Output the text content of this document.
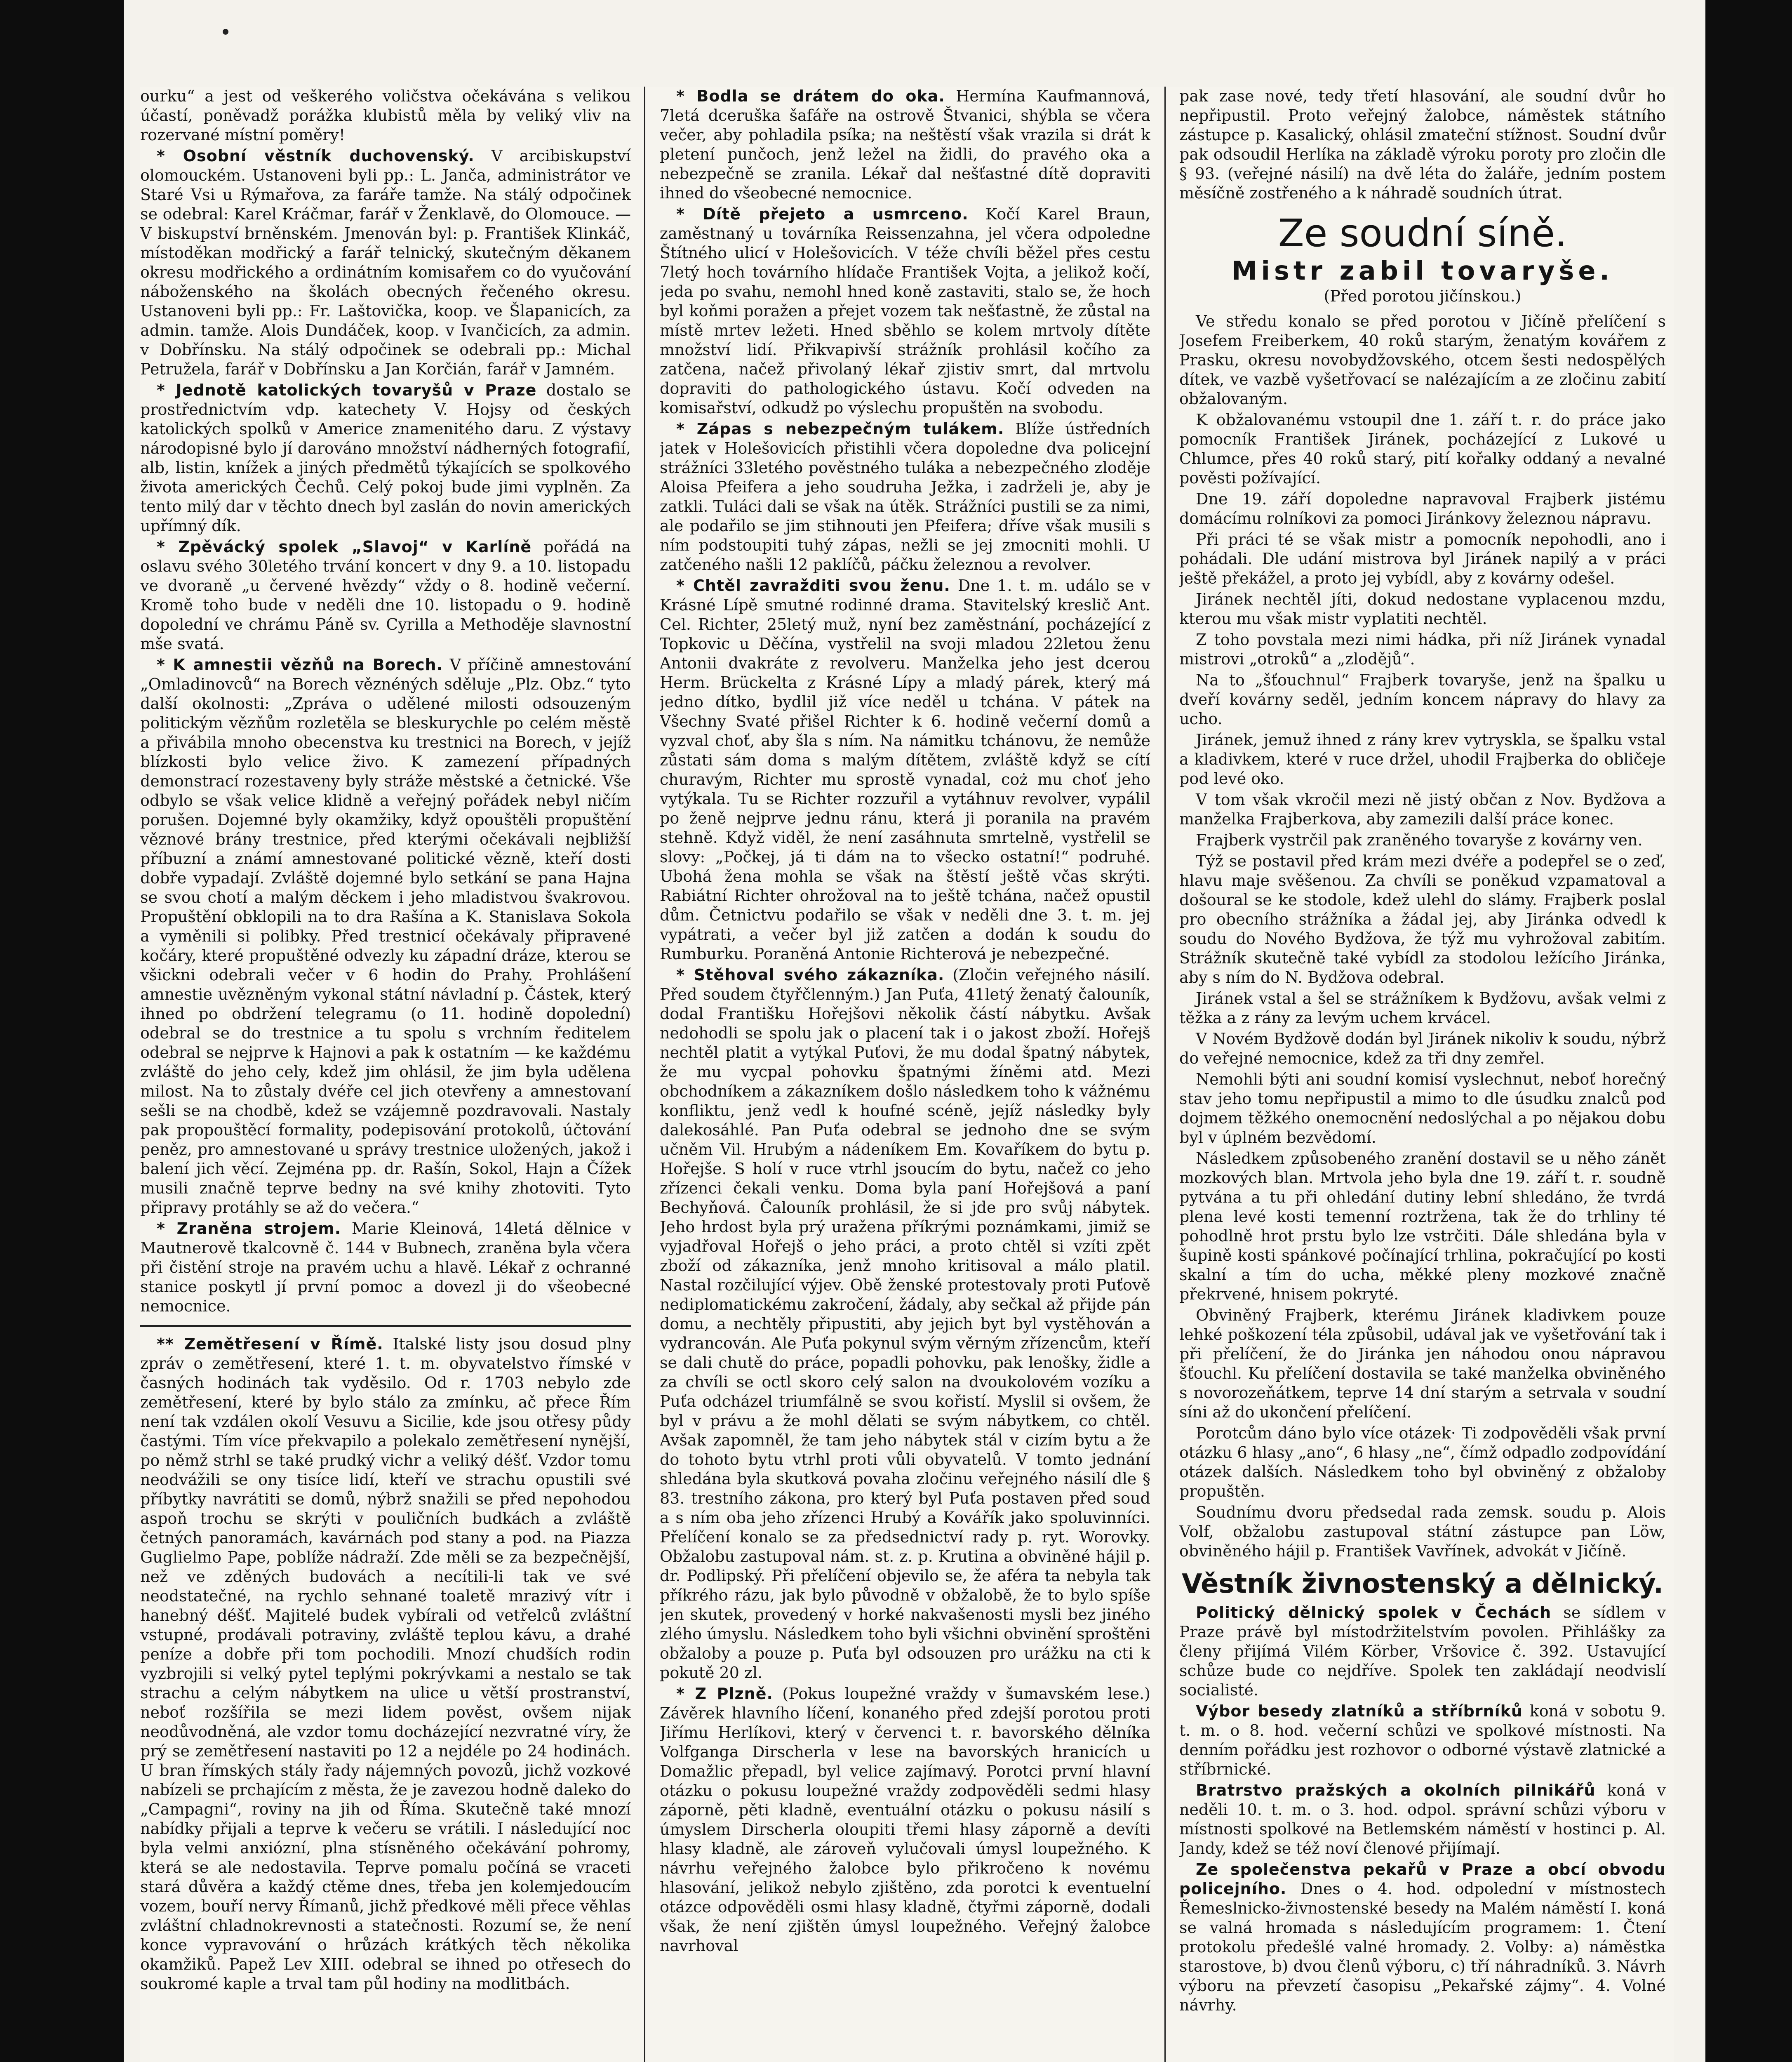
ourku“ a jest od veškerého voličstva očekávána s velikou účastí, poněvadž porážka klubistů měla by veliký vliv na rozervané místní poměry!

* Osobní věstník duchovenský. V arcibiskupství olomouckém. Ustanoveni byli pp.: L. Janča, administrátor ve Staré Vsi u Rýmařova, za faráře tamže. Na stálý odpočinek se odebral: Karel Kráčmar, farář v Ženklavě, do Olomouce. — V biskupství brněnském. Jmenován byl: p. František Klinkáč, místoděkan modřický a farář telnický, skutečným děkanem okresu modřického a ordinátním komisařem co do vyučování náboženského na školách obecných řečeného okresu. Ustanoveni byli pp.: Fr. Laštovička, koop. ve Šlapanicích, za admin. tamže. Alois Dundáček, koop. v Ivančicích, za admin. v Dobřínsku. Na stálý odpočinek se odebrali pp.: Michal Petruželа, farář v Dobřínsku a Jan Korčián, farář v Jamném.

* Jednotě katolických tovaryšů v Praze dostalo se prostřednictvím vdp. katechety V. Hojsy od českých katolických spolků v Americe znamenitého daru. Z výstavy národopisné bylo jí darováno množství nádherných fotografií, alb, listin, knížek a jiných předmětů týkajících se spolkového života amerických Čechů. Celý pokoj bude jimi vyplněn. Za tento milý dar v těchto dnech byl zaslán do novin amerických upřímný dík.

* Zpěvácký spolek „Slavoj“ v Karlíně pořádá na oslavu svého 30letého trvání koncert v dny 9. a 10. listopadu ve dvoraně „u červené hvězdy“ vždy o 8. hodině večerní. Kromě toho bude v neděli dne 10. listopadu o 9. hodině dopolední ve chrámu Páně sv. Cyrilla a Methoděje slavnostní mše svatá.

* K amnestii vězňů na Borech. V příčině amnestování „Omladinovců“ na Borech věznéných sděluje „Plz. Obz.“ tyto další okolnosti: „Zpráva o udělené milosti odsouzeným politickým vězňům rozletěla se bleskurychle po celém městě a přivábila mnoho obecenstva ku trestnici na Borech, v jejíž blízkosti bylo velice živo. K zamezení případných demonstrací rozestaveny byly stráže městské a četnické. Vše odbylo se však velice klidně a veřejný pořádek nebyl ničím porušen. Dojemné byly okamžiky, když opouštěli propuštění věznové brány trestnice, před kterými očekávali nejbližší příbuzní a známí amnestované politické vězně, kteří dosti dobře vypadají. Zvláště dojemné bylo setkání se pana Hajna se svou chotí a malým děckem i jeho mladistvou švakrovou. Propuštění obklopili na to dra Rašína a K. Stanislava Sokola a vyměnili si polibky. Před trestnicí očekávaly připravené kočáry, které propuštěné odvezly ku západní dráze, kterou se všickni odebrali večer v 6 hodin do Prahy. Prohlášení amnestie uvězněným vykonal státní návladní p. Částek, který ihned po obdržení telegramu (o 11. hodině dopolední) odebral se do trestnice a tu spolu s vrchním ředitelem odebral se nejprve k Hajnovi a pak k ostatním — ke každému zvláště do jeho cely, kdež jim ohlásil, že jim byla udělena milost. Na to zůstaly dvéře cel jich otevřeny a amnestovaní sešli se na chodbě, kdež se vzájemně pozdravovali. Nastaly pak propouštěcí formality, podepisování protokolů, účtování peněz, pro amnestované u správy trestnice uložených, jakož i balení jich věcí. Zejména pp. dr. Rašín, Sokol, Hajn a Čížek musili značně teprve bedny na své knihy zhotoviti. Tyto připravy protáhly se až do večera.“

* Zraněna strojem. Marie Kleinová, 14letá dělnice v Mautnerově tkalcovně č. 144 v Bubnech, zraněna byla včera při čistění stroje na pravém uchu a hlavě. Lékař z ochranné stanice poskytl jí první pomoc a dovezl ji do všeobecné nemocnice.

** Zemětřesení v Římě. Italské listy jsou dosud plny zpráv o zemětřesení, které 1. t. m. obyvatelstvo římské v časných hodinách tak vyděsilo. Od r. 1703 nebylo zde zemětřesení, které by bylo stálo za zmínku, ač přece Řím není tak vzdálen okolí Vesuvu a Sicilie, kde jsou otřesy půdy častými. Tím více překvapilo a polekalo zemětřesení nynější, po němž strhl se také prudký vichr a veliký déšť. Vzdor tomu neodvážili se ony tisíce lidí, kteří ve strachu opustili své příbytky navrátiti se domů, nýbrž snažili se před nepohodou aspoň trochu se skrýti v pouličních budkách a zvláště četných panoramách, kavárnách pod stany a pod. na Piazza Guglielmo Pape, poblíže nádraží. Zde měli se za bezpečnější, než ve zděných budovách a necítili-li tak ve své neodstatečné, na rychlo sehnané toaletě mrazivý vítr i hanebný déšť. Majitelé budek vybírali od vetřelců zvláštní vstupné, prodávali potraviny, zvláště teplou kávu, a drahé peníze a dobře při tom pochodili. Mnozí chudších rodin vyzbrojili si velký pytel teplými pokrývkami a nestalo se tak strachu a celým nábytkem na ulice u větší prostranství, neboť rozšířila se mezi lidem pověst, ovšem nijak neodůvodněná, ale vzdor tomu docházející nezvratné víry, že prý se zemětřesení nastaviti po 12 a nejdéle po 24 hodinách. U bran římských stály řady nájemných povozů, jichž vozkové nabízeli se prchajícím z města, že je zavezou hodně daleko do „Campagni“, roviny na jih od Říma. Skutečně také mnozí nabídky přijali a teprve k večeru se vrátili. I následující noc byla velmi anxiózní, plna stísněného očekávání pohromy, která se ale nedostavila. Teprve pomalu počíná se vraceti stará důvěra a každý ctěme dnes, třeba jen kolemjedoucím vozem, bouří nervy Římanů, jichž předkové měli přece věhlas zvláštní chladnokrevnosti a statečnosti. Rozumí se, že není konce vypravování o hrůzách krátkých těch několika okamžiků. Papež Lev XIII. odebral se ihned po otřesech do soukromé kaple a trval tam půl hodiny na modlitbách.

* Bodla se drátem do oka. Hermína Kaufmannová, 7letá dceruška šafáře na ostrově Štvanici, shýbla se včera večer, aby pohladila psíka; na neštěstí však vrazila si drát k pletení punčoch, jenž ležel na židli, do pravého oka a nebezpečně se zranila. Lékař dal nešťastné dítě dopraviti ihned do všeobecné nemocnice.

* Dítě přejeto a usmrceno. Kočí Karel Braun, zaměstnaný u továrníka Reissenzahna, jel včera odpoledne Štítného ulicí v Holešovicích. V téže chvíli běžel přes cestu 7letý hoch továrního hlídače František Vojta, a jelikož kočí, jeda po svahu, nemohl hned koně zastaviti, stalo se, že hoch byl koňmi poražen a přejet vozem tak nešťastně, že zůstal na místě mrtev ležeti. Hned sběhlo se kolem mrtvoly dítěte množství lidí. Přikvapivší strážník prohlásil kočího za zatčena, načež přivolaný lékař zjistiv smrt, dal mrtvolu dopraviti do pathologického ústavu. Kočí odveden na komisařství, odkudž po výslechu propuštěn na svobodu.

* Zápas s nebezpečným tulákem. Blíže ústředních jatek v Holešovicích přistihli včera dopoledne dva policejní strážníci 33letého pověstného tuláka a nebezpečného zloděje Aloisa Pfeifera a jeho soudruha Ježka, i zadrželi je, aby je zatkli. Tuláci dali se však na útěk. Strážníci pustili se za nimi, ale podařilo se jim stihnouti jen Pfeifera; dříve však musili s ním podstoupiti tuhý zápas, nežli se jej zmocniti mohli. U zatčeného našli 12 paklíčů, páčku železnou a revolver.

* Chtěl zavražditi svou ženu. Dne 1. t. m. událo se v Krásné Lípě smutné rodinné drama. Stavitelský kreslič Ant. Cel. Richter, 25letý muž, nyní bez zaměstnání, pocházející z Topkovic u Děčína, vystřelil na svoji mladou 22letou ženu Antonii dvakráte z revolveru. Manželka jeho jest dcerou Herm. Brückelta z Krásné Lípy a mladý párek, který má jedno dítko, bydlil již více neděl u tchána. V pátek na Všechny Svaté přišel Richter k 6. hodině večerní domů a vyzval choť, aby šla s ním. Na námitku tchánovu, že nemůže zůstati sám doma s malým dítětem, zvláště když se cítí churavým, Richter mu sprostě vynadal, coż mu choť jeho vytýkala. Tu se Richter rozzuřil a vytáhnuv revolver, vypálil po ženě nejprve jednu ránu, která ji poranila na pravém stehně. Když viděl, že není zasáhnuta smrtelně, vystřelil se slovy: „Počkej, já ti dám na to všecko ostatní!“ podruhé. Ubohá žena mohla se však na štěstí ještě včas skrýti. Rabiátní Richter ohrožoval na to ještě tchána, načež opustil dům. Četnictvu podařilo se však v neděli dne 3. t. m. jej vypátrati, a večer byl již zatčen a dodán k soudu do Rumburku. Poraněná Antonie Richterová je nebezpečné.

* Stěhoval svého zákazníka. (Zločin veřejného násilí. Před soudem čtyřčlenným.) Jan Puťa, 41letý ženatý čalouník, dodal Františku Hořejšovi několik částí nábytku. Avšak nedohodli se spolu jak o placení tak i o jakost zboží. Hořejš nechtěl platit a vytýkal Puťovi, že mu dodal špatný nábytek, že mu vycpal pohovku špatnými žíněmi atd. Mezi obchodníkem a zákazníkem došlo následkem toho k vážnému konfliktu, jenž vedl k houfné scéně, jejíž následky byly dalekosáhlé. Pan Puťa odebral se jednoho dne se svým učněm Vil. Hrubým a nádeníkem Em. Kovaříkem do bytu p. Hořejše. S holí v ruce vtrhl jsoucím do bytu, načež co jeho zřízenci čekali venku. Doma byla paní Hořejšová a paní Bechyňová. Čalouník prohlásil, že si jde pro svůj nábytek. Jeho hrdost byla prý uražena příkrými poznámkami, jimiž se vyjadřoval Hořejš o jeho práci, a proto chtěl si vzíti zpět zboží od zákazníka, jenž mnoho kritisoval a málo platil. Nastal rozčilující výjev. Obě ženské protestovaly proti Puťově nediplomatickému zakročení, žádaly, aby sečkal až přijde pán domu, a nechtěly připustiti, aby jejich byt byl vystěhován a vydrancován. Ale Puťa pokynul svým věrným zřízencům, kteří se dali chutě do práce, popadli pohovku, pak lenošky, židle a za chvíli se octl skoro celý salon na dvoukolovém vozíku a Puťa odcházel triumfálně se svou kořistí. Myslil si ovšem, že byl v právu a že mohl dělati se svým nábytkem, co chtěl. Avšak zapomněl, že tam jeho nábytek stál v cizím bytu a že do tohoto bytu vtrhl proti vůli obyvatelů. V tomto jednání shledána byla skutková povaha zločinu veřejného násilí dle § 83. trestního zákona, pro který byl Puťa postaven před soud a s ním oba jeho zřízenci Hrubý a Kovářík jako spoluvinníci. Přelíčení konalo se za předsednictví rady p. ryt. Worovky. Obžalobu zastupoval nám. st. z. p. Krutina a obviněné hájil p. dr. Podlipský. Při přelíčení objevilo se, že aféra ta nebyla tak příkrého rázu, jak bylo původně v obžalobě, že to bylo spíše jen skutek, provedený v horké nakvašenosti mysli bez jiného zlého úmyslu. Následkem toho byli všichni obvinění sproštěni obžaloby a pouze p. Puťa byl odsouzen pro urážku na cti k pokutě 20 zl.

* Z Plzně. (Pokus loupežné vraždy v šumavském lese.) Závěrek hlavního líčení, konaného před zdejší porotou proti Jiřímu Herlíkovi, který v červenci t. r. bavorského dělníka Volfganga Dirscherla v lese na bavorských hranicích u Domažlic přepadl, byl velice zajímavý. Porotci první hlavní otázku o pokusu loupežné vraždy zodpověděli sedmi hlasy záporně, pěti kladně, eventuální otázku o pokusu násilí s úmyslem Dirscherla oloupiti třemi hlasy záporně a devíti hlasy kladně, ale zároveň vylučovali úmysl loupežného. K návrhu veřejného žalobce bylo přikročeno k novému hlasování, jelikož nebylo zjištěno, zda porotci k eventuelní otázce odpověděli osmi hlasy kladně, čtyřmi záporně, dodali však, že není zjištěn úmysl loupežného. Veřejný žalobce navrhoval

pak zase nové, tedy třetí hlasování, ale soudní dvůr ho nepřipustil. Proto veřejný žalobce, náměstek státního zástupce p. Kasalický, ohlásil zmateční stížnost. Soudní dvůr pak odsoudil Herlíka na základě výroku poroty pro zločin dle § 93. (veřejné násilí) na dvě léta do žaláře, jedním postem měsíčně zostřeného a k náhradě soudních útrat.

Ze soudní síně.
Mistr zabil tovaryše.
(Před porotou jičínskou.)

Ve středu konalo se před porotou v Jičíně přelíčení s Josefem Freiberkem, 40 roků starým, ženatým kovářem z Prasku, okresu novobydžovského, otcem šesti nedospělých dítek, ve vazbě vyšetřovací se nalézajícím a ze zločinu zabití obžalovaným.

K obžalovanému vstoupil dne 1. září t. r. do práce jako pomocník František Jiránek, pocházející z Lukové u Chlumce, přes 40 roků starý, pití kořalky oddaný a nevalné pověsti požívající.

Dne 19. září dopoledne napravoval Frajberk jistému domácímu rolníkovi za pomoci Jiránkovy železnou nápravu.

Při práci té se však mistr a pomocník nepohodli, ano i pohádali. Dle udání mistrova byl Jiránek napilý a v práci ještě překážel, a proto jej vybídl, aby z kovárny odešel.

Jiránek nechtěl jíti, dokud nedostane vyplacenou mzdu, kterou mu však mistr vyplatiti nechtěl.

Z toho povstala mezi nimi hádka, při níž Jiránek vynadal mistrovi „otroků“ a „zlodějů“.

Na to „šťouchnul“ Frajberk tovaryše, jenž na špalku u dveří kovárny seděl, jedním koncem nápravy do hlavy za ucho.

Jiránek, jemuž ihned z rány krev vytryskla, se špalku vstal a kladivkem, které v ruce držel, uhodil Frajberka do obličeje pod levé oko.

V tom však vkročil mezi ně jistý občan z Nov. Bydžova a manželka Frajberkova, aby zamezili další práce konec.

Frajberk vystrčil pak zraněného tovaryše z kovárny ven.

Týž se postavil před krám mezi dvéře a podepřel se o zeď, hlavu maje svěšenou. Za chvíli se poněkud vzpamatoval a došoural se ke stodole, kdež ulehl do slámy. Frajberk poslal pro obecního strážníka a žádal jej, aby Jiránka odvedl k soudu do Nového Bydžova, že týž mu vyhrožoval zabitím. Strážník skutečně také vybídl za stodolou ležícího Jiránka, aby s ním do N. Bydžova odebral.

Jiránek vstal a šel se strážníkem k Bydžovu, avšak velmi z těžka a z rány za levým uchem krvácel.

V Novém Bydžově dodán byl Jiránek nikoliv k soudu, nýbrž do veřejné nemocnice, kdež za tři dny zemřel.

Nemohli býti ani soudní komisí vyslechnut, neboť horečný stav jeho tomu nepřipustil a mimo to dle úsudku znalců pod dojmem těžkého onemocnění nedoslýchal a po nějakou dobu byl v úplném bezvědomí.

Následkem způsobeného zranění dostavil se u něho zánět mozkových blan. Mrtvola jeho byla dne 19. září t. r. soudně pytvána a tu při ohledání dutiny lební shledáno, že tvrdá plena levé kosti temenní roztržena, tak že do trhliny té pohodlně hrot prstu bylo lze vstrčiti. Dále shledána byla v šupině kosti spánkové počínající trhlina, pokračující po kosti skalní a tím do ucha, měkké pleny mozkové značně překrvené, hnisem pokryté.

Obviněný Frajberk, kterému Jiránek kladivkem pouze lehké poškození téla způsobil, udával jak ve vyšetřování tak i při přelíčení, že do Jiránka jen náhodou onou nápravou šťouchl. Ku přelíčení dostavila se také manželka obviněného s novorozeňátkem, teprve 14 dní starým a setrvala v soudní síni až do ukončení přelíčení.

Porotcům dáno bylo více otázek· Ti zodpověděli však první otázku 6 hlasy „ano“, 6 hlasy „ne“, čímž odpadlo zodpovídání otázek dalších. Následkem toho byl obviněný z obžaloby propuštěn.

Soudnímu dvoru předsedal rada zemsk. soudu p. Alois Volf, obžalobu zastupoval státní zástupce pan Löw, obviněného hájil p. František Vavřínek, advokát v Jičíně.

Věstník živnostenský a dělnický.

Politický dělnický spolek v Čechách se sídlem v Praze právě byl místodržitelstvím povolen. Přihlášky za členy přijímá Vilém Körber, Vršovice č. 392. Ustavující schůze bude co nejdříve. Spolek ten zakládají neodvislí socialisté.

Výbor besedy zlatníků a stříbrníků koná v sobotu 9. t. m. o 8. hod. večerní schůzi ve spolkové místnosti. Na denním pořádku jest rozhovor o odborné výstavě zlatnické a stříbrnické.

Bratrstvo pražských a okolních pilnikářů koná v neděli 10. t. m. o 3. hod. odpol. správní schůzi výboru v místnosti spolkové na Betlemském náměstí v hostinci p. Al. Jandy, kdež se též noví členové přijímají.

Ze společenstva pekařů v Praze a obcí obvodu policejního. Dnes o 4. hod. odpolední v místnostech Řemeslnicko-živnostenské besedy na Malém náměstí I. koná se valná hromada s následujícím programem: 1. Čtení protokolu předešlé valné hromady. 2. Volby: a) náměstka starostove, b) dvou členů výboru, c) tří náhradníků. 3. Návrh výboru na převzetí časopisu „Pekařské zájmy“. 4. Volné návrhy.
